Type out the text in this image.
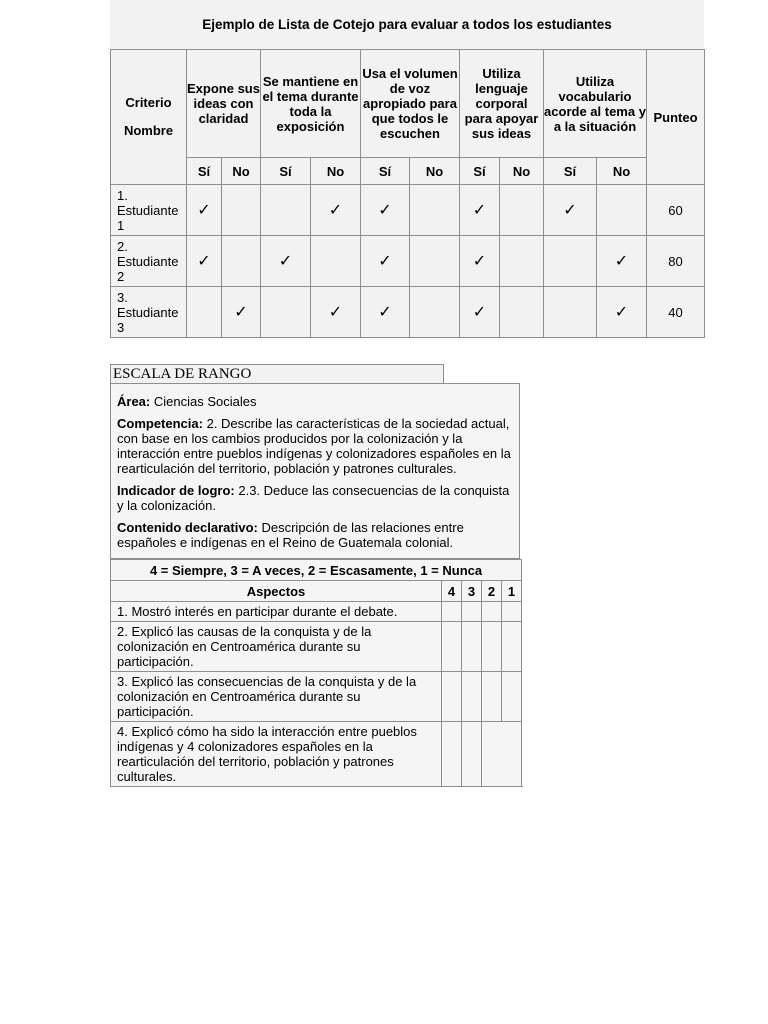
Ejemplo de Lista de Cotejo para evaluar a todos los estudiantes
Criterio
Nombre	Expone sus ideas con claridad		Se mantiene en el tema durante toda la exposición		Usa el volumen de voz apropiado para que todos le escuchen		Utiliza lenguaje corporal para apoyar sus ideas		Utiliza vocabulario acorde al tema y a la situación		Punteo
	Sí	No	Sí	No	Sí	No	Sí	No	Sí	No	
1. Estudiante 1	✓			✓	✓		✓		✓		60
2. Estudiante 2	✓		✓		✓		✓			✓	80
3. Estudiante 3		✓		✓	✓		✓			✓	40
ESCALA DE RANGO

Área: Ciencias Sociales

Competencia: 2. Describe las características de la sociedad actual, con base en los cambios producidos por la colonización y la interacción entre pueblos indígenas y colonizadores españoles en la rearticulación del territorio, población y patrones culturales.

Indicador de logro: 2.3. Deduce las consecuencias de la conquista y la colonización.

Contenido declarativo: Descripción de las relaciones entre españoles e indígenas en el Reino de Guatemala colonial.

4 = Siempre, 3 = A veces, 2 = Escasamente, 1 = Nunca				
Aspectos	4	3	2	1
1. Mostró interés en participar durante el debate.				
2. Explicó las causas de la conquista y de la colonización en Centroamérica durante su participación.				
3. Explicó las consecuencias de la conquista y de la colonización en Centroamérica durante su participación.				
4. Explicó cómo ha sido la interacción entre pueblos indígenas y 4 colonizadores españoles en la rearticulación del territorio, población y patrones culturales.				
